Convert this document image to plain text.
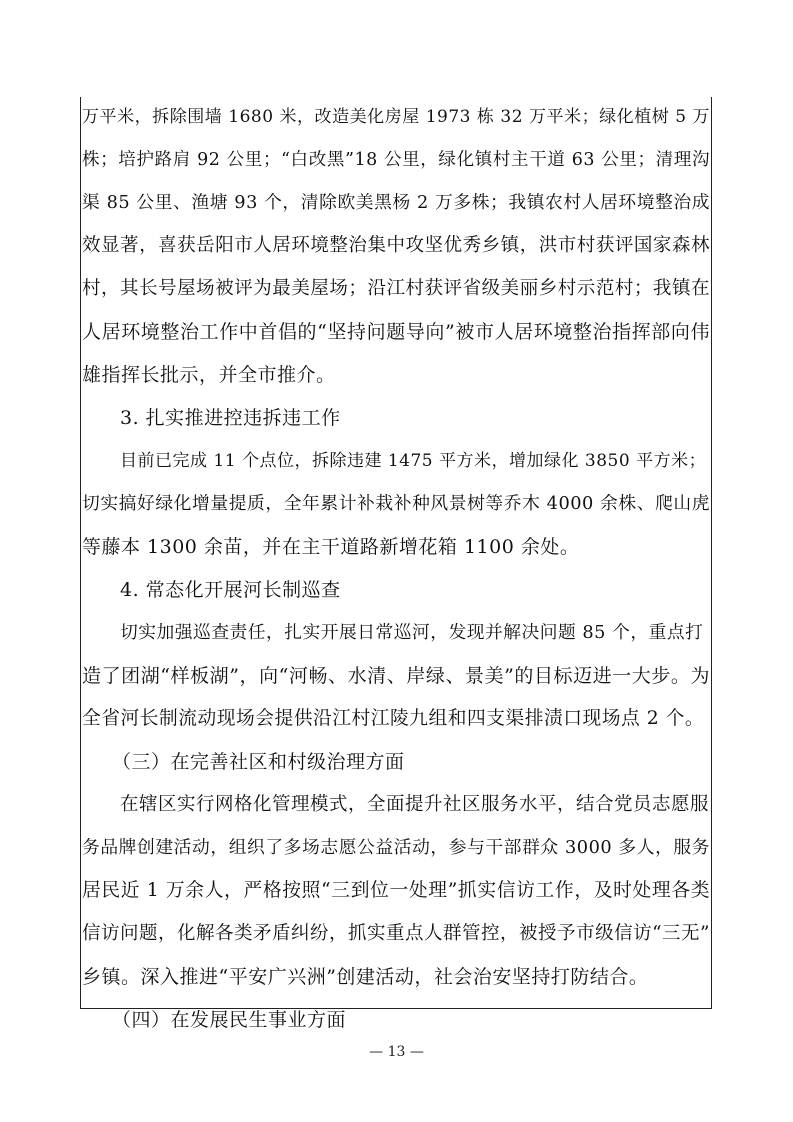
万平米，拆除围墙 1680 米，改造美化房屋 1973 栋 32 万平米；绿化植树 5 万
株；培护路肩 92 公里；“白改黑”18 公里，绿化镇村主干道 63 公里；清理沟
渠 85 公里、渔塘 93 个，清除欧美黑杨 2 万多株；我镇农村人居环境整治成
效显著，喜获岳阳市人居环境整治集中攻坚优秀乡镇，洪市村获评国家森林
村，其长号屋场被评为最美屋场；沿江村获评省级美丽乡村示范村；我镇在
人居环境整治工作中首倡的“坚持问题导向”被市人居环境整治指挥部向伟
雄指挥长批示，并全市推介。
3. 扎实推进控违拆违工作
目前已完成 11 个点位，拆除违建 1475 平方米，增加绿化 3850 平方米；
切实搞好绿化增量提质，全年累计补栽补种风景树等乔木 4000 余株、爬山虎
等藤本 1300 余苗，并在主干道路新增花箱 1100 余处。
4. 常态化开展河长制巡查
切实加强巡查责任，扎实开展日常巡河，发现并解决问题 85 个，重点打
造了团湖“样板湖”，向“河畅、水清、岸绿、景美”的目标迈进一大步。为
全省河长制流动现场会提供沿江村江陵九组和四支渠排渍口现场点 2 个。
（三）在完善社区和村级治理方面
在辖区实行网格化管理模式，全面提升社区服务水平，结合党员志愿服
务品牌创建活动，组织了多场志愿公益活动，参与干部群众 3000 多人，服务
居民近 1 万余人，严格按照“三到位一处理”抓实信访工作，及时处理各类
信访问题，化解各类矛盾纠纷，抓实重点人群管控，被授予市级信访“三无”
乡镇。深入推进“平安广兴洲”创建活动，社会治安坚持打防结合。
（四）在发展民生事业方面
— 13 —
